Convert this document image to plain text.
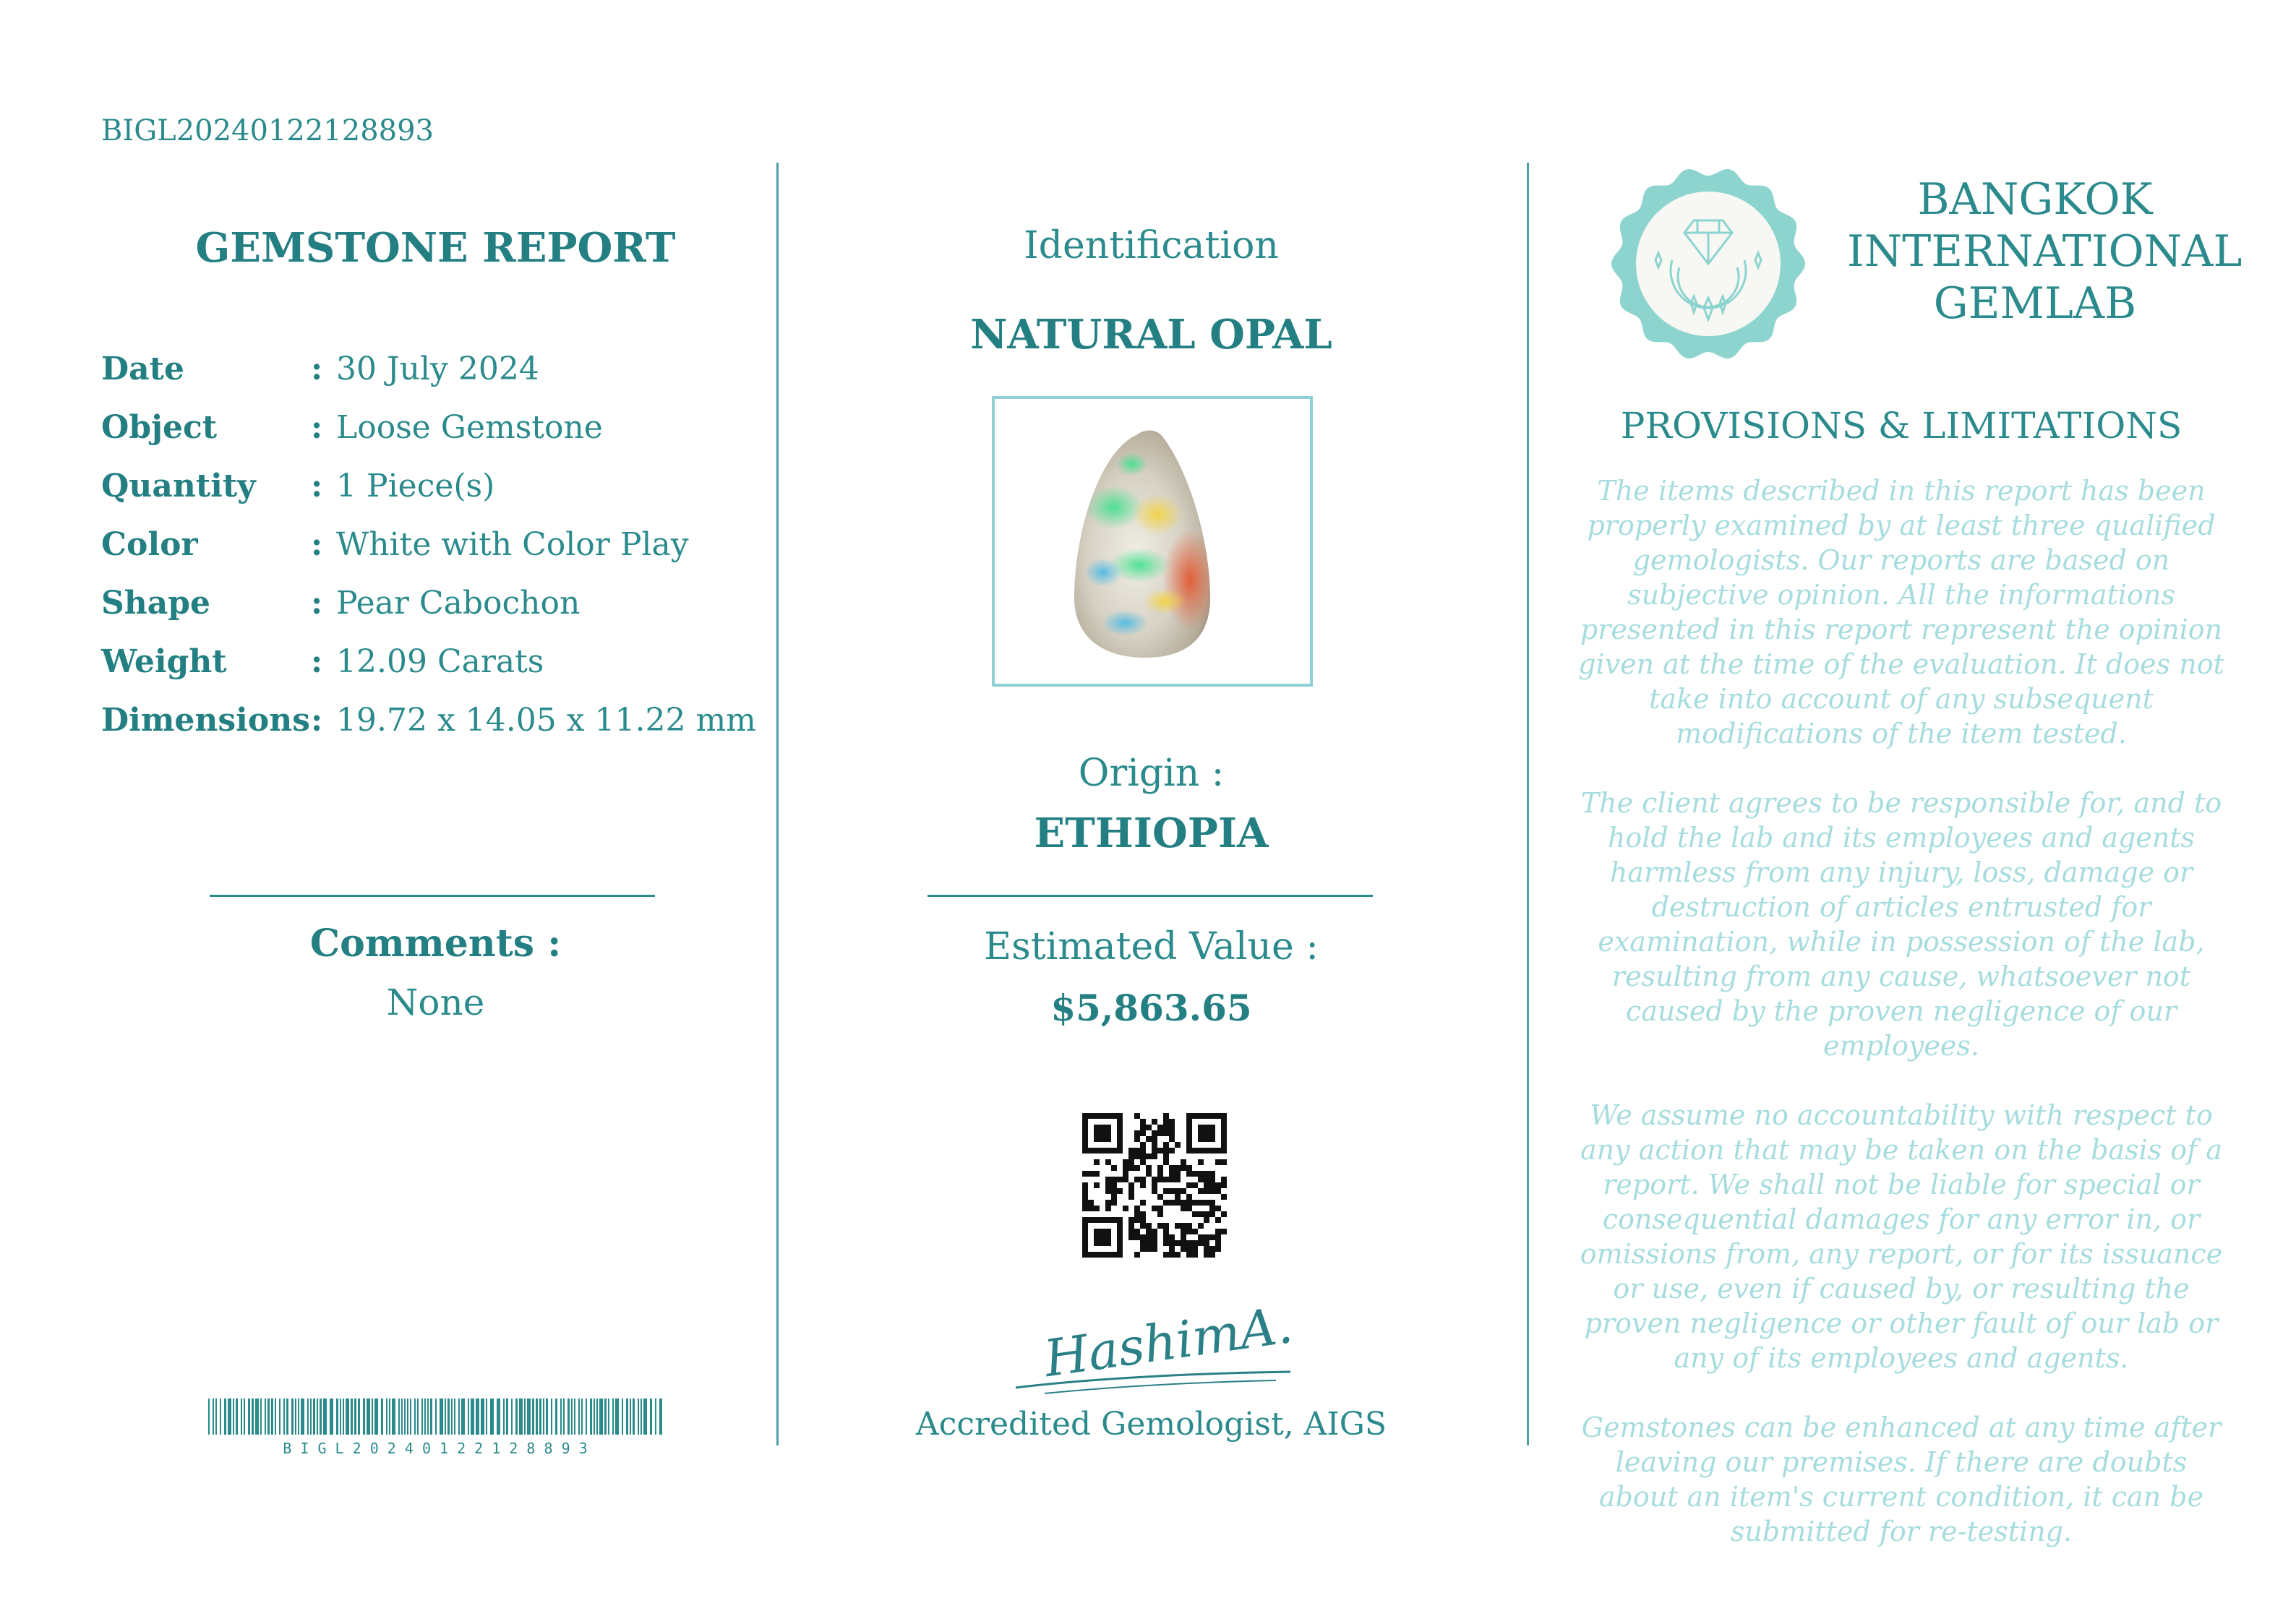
BIGL20240122128893
GEMSTONE REPORT
Date	: 30 July 2024
Object	: Loose Gemstone
Quantity	: 1 Piece(s)
Color	: White with Color Play
Shape	: Pear Cabochon
Weight	: 12.09 Carats
Dimensions : 19.72 x 14.05 x 11.22 mm
Comments :
None
B I G L 2 0 2 4 0 1 2 2 1 2 8 8 9 3
Identification
NATURAL OPAL
Origin :
ETHIOPIA
Estimated Value :
$5,863.65
HashimA.
Accredited Gemologist, AIGS
BANGKOK
INTERNATIONAL
GEMLAB
PROVISIONS & LIMITATIONS

The items described in this report has been properly examined by at least three qualified gemologists. Our reports are based on subjective opinion. All the informations presented in this report represent the opinion given at the time of the evaluation. It does not take into account of any subsequent modifications of the item tested.

The client agrees to be responsible for, and to hold the lab and its employees and agents harmless from any injury, loss, damage or destruction of articles entrusted for examination, while in possession of the lab, resulting from any cause, whatsoever not caused by the proven negligence of our employees.

We assume no accountability with respect to any action that may be taken on the basis of a report. We shall not be liable for special or consequential damages for any error in, or omissions from, any report, or for its issuance or use, even if caused by, or resulting the proven negligence or other fault of our lab or any of its employees and agents.

Gemstones can be enhanced at any time after leaving our premises. If there are doubts about an item's current condition, it can be submitted for re-testing.
